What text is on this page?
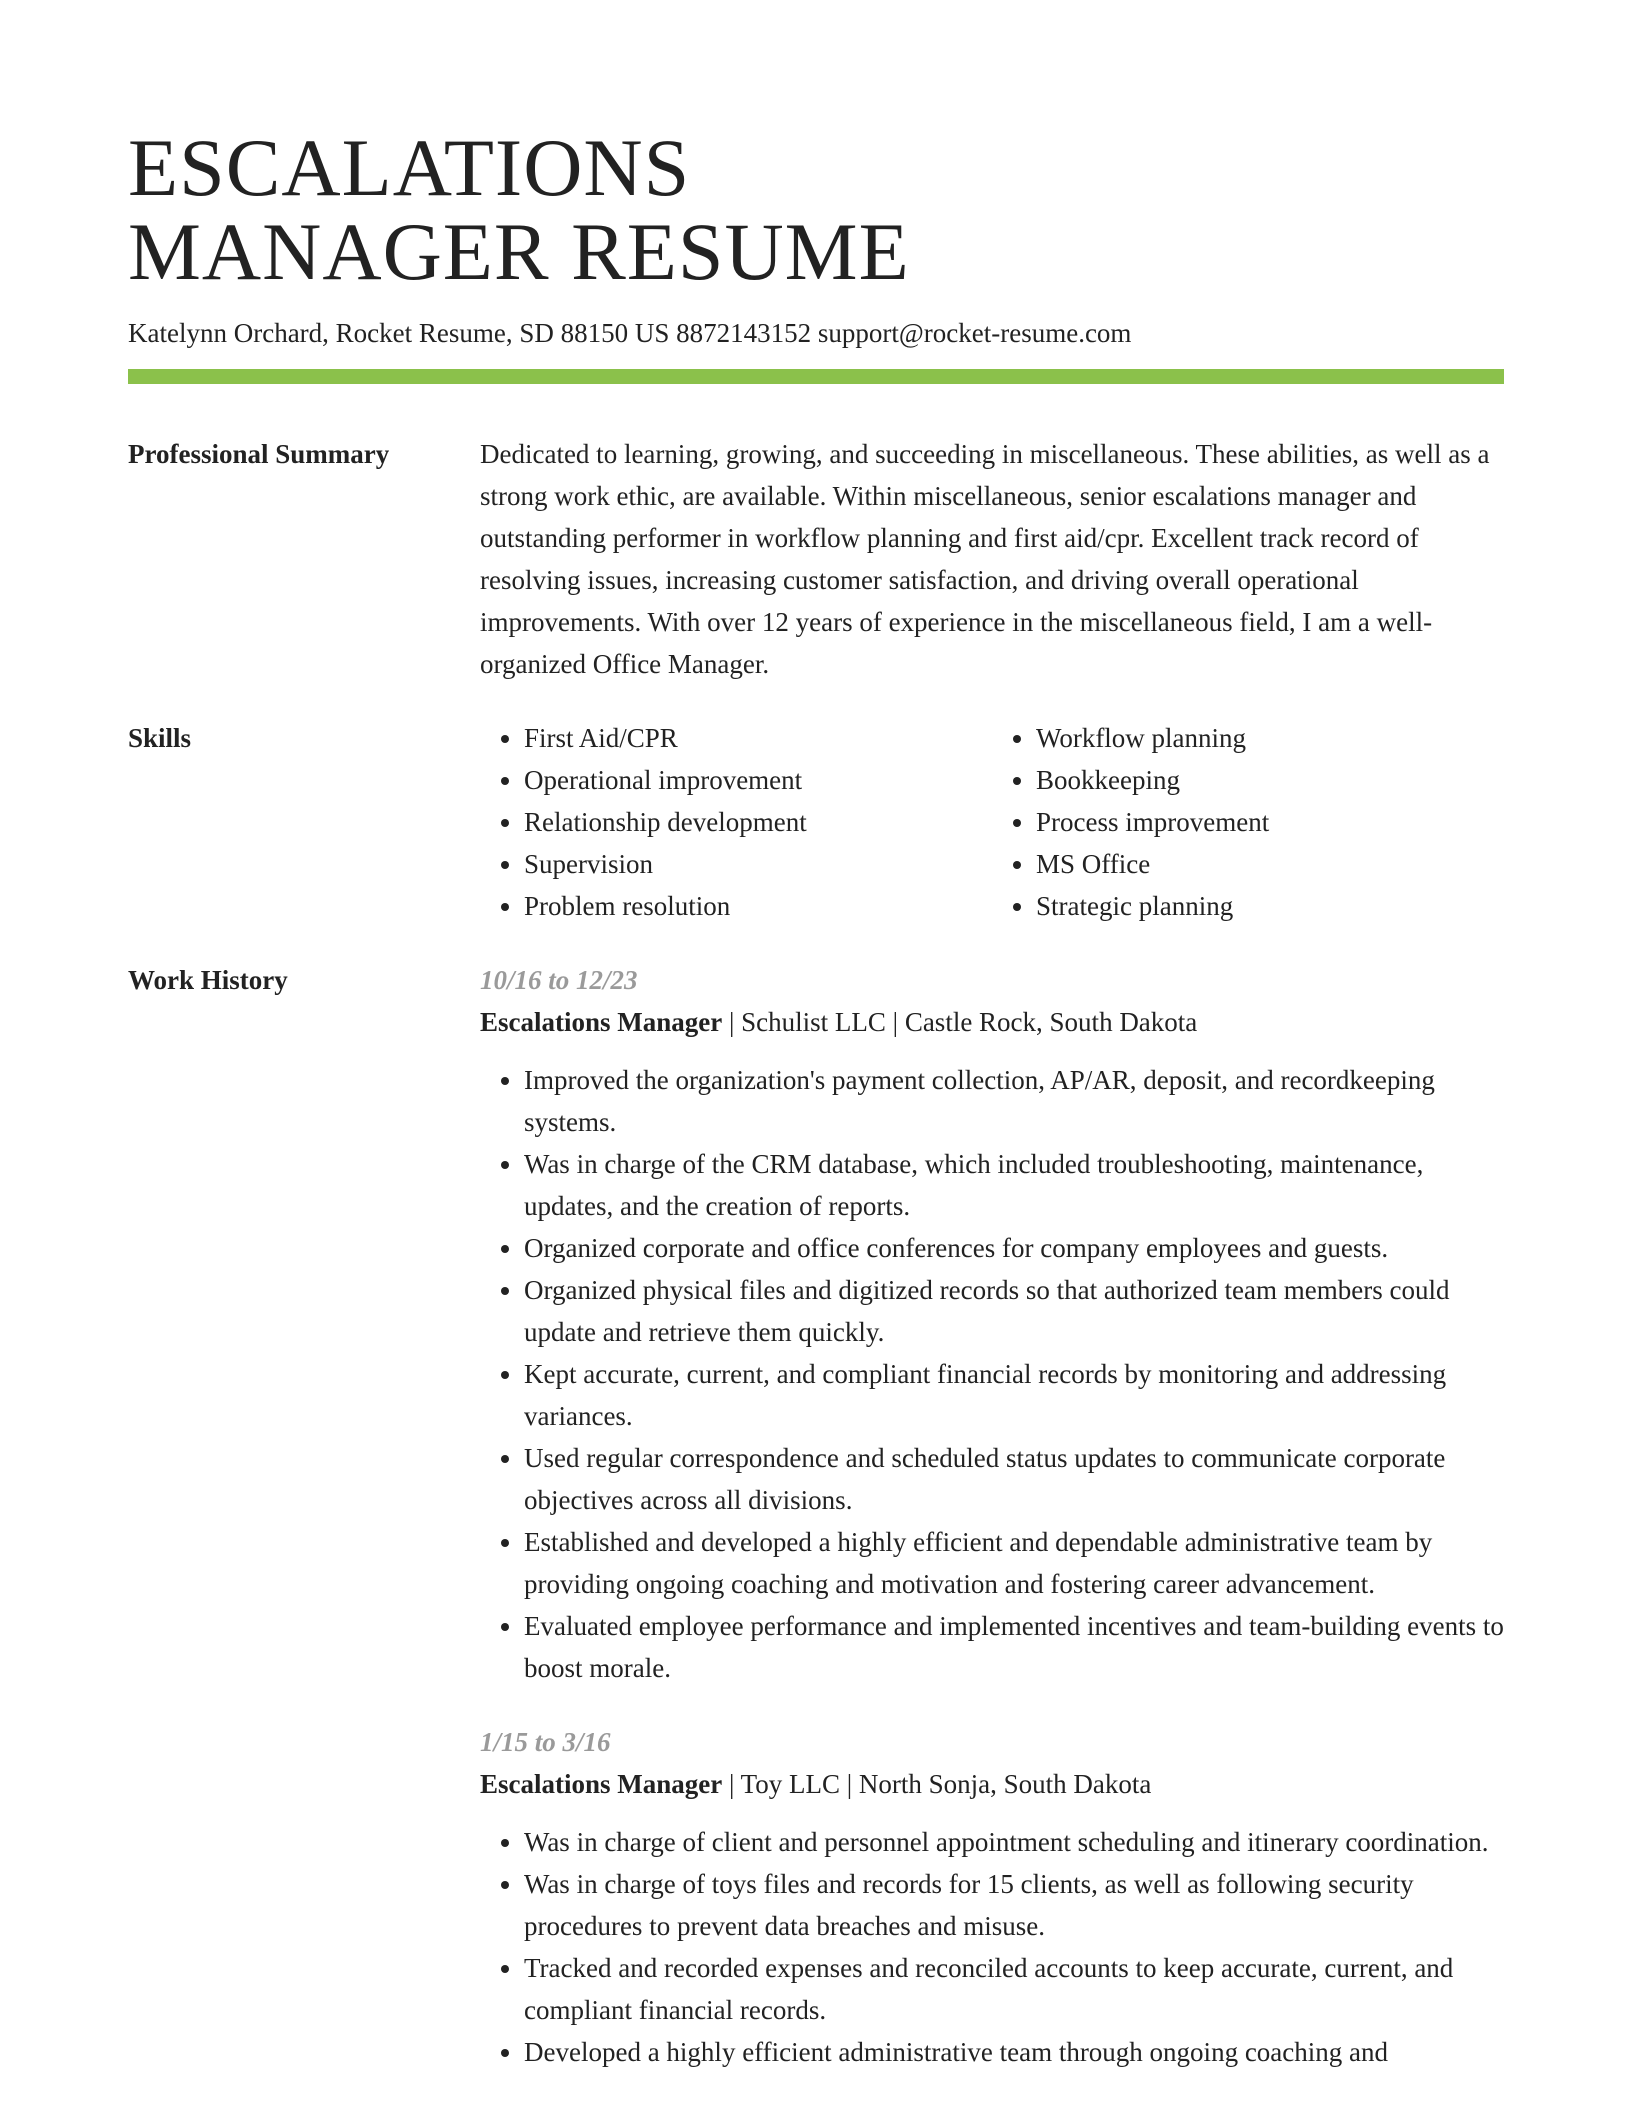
ESCALATIONS
MANAGER RESUME
Katelynn Orchard, Rocket Resume, SD 88150 US 8872143152 support@rocket-resume.com
Professional Summary	Dedicated to learning, growing, and succeeding in miscellaneous. These abilities, as well as a strong work ethic, are available. Within miscellaneous, senior escalations manager and outstanding performer in workflow planning and first aid/cpr. Excellent track record of resolving issues, increasing customer satisfaction, and driving overall operational improvements. With over 12 years of experience in the miscellaneous field, I am a well-organized Office Manager.
Skills
•	First Aid/CPR
• Operational improvement
• Relationship development
• Supervision
• Problem resolution
• Workflow planning
• Bookkeeping
• Process improvement
• MS Office
• Strategic planning
Work History	10/16 to 12/23
Escalations Manager | Schulist LLC | Castle Rock, South Dakota
• Improved the organization's payment collection, AP/AR, deposit, and recordkeeping systems.
• Was in charge of the CRM database, which included troubleshooting, maintenance, updates, and the creation of reports.
• Organized corporate and office conferences for company employees and guests.
• Organized physical files and digitized records so that authorized team members could update and retrieve them quickly.
• Kept accurate, current, and compliant financial records by monitoring and addressing variances.
• Used regular correspondence and scheduled status updates to communicate corporate objectives across all divisions.
• Established and developed a highly efficient and dependable administrative team by providing ongoing coaching and motivation and fostering career advancement.
• Evaluated employee performance and implemented incentives and team-building events to boost morale.
1/15 to 3/16
Escalations Manager | Toy LLC | North Sonja, South Dakota
• Was in charge of client and personnel appointment scheduling and itinerary coordination.
• Was in charge of toys files and records for 15 clients, as well as following security procedures to prevent data breaches and misuse.
• Tracked and recorded expenses and reconciled accounts to keep accurate, current, and compliant financial records.
• Developed a highly efficient administrative team through ongoing coaching and
